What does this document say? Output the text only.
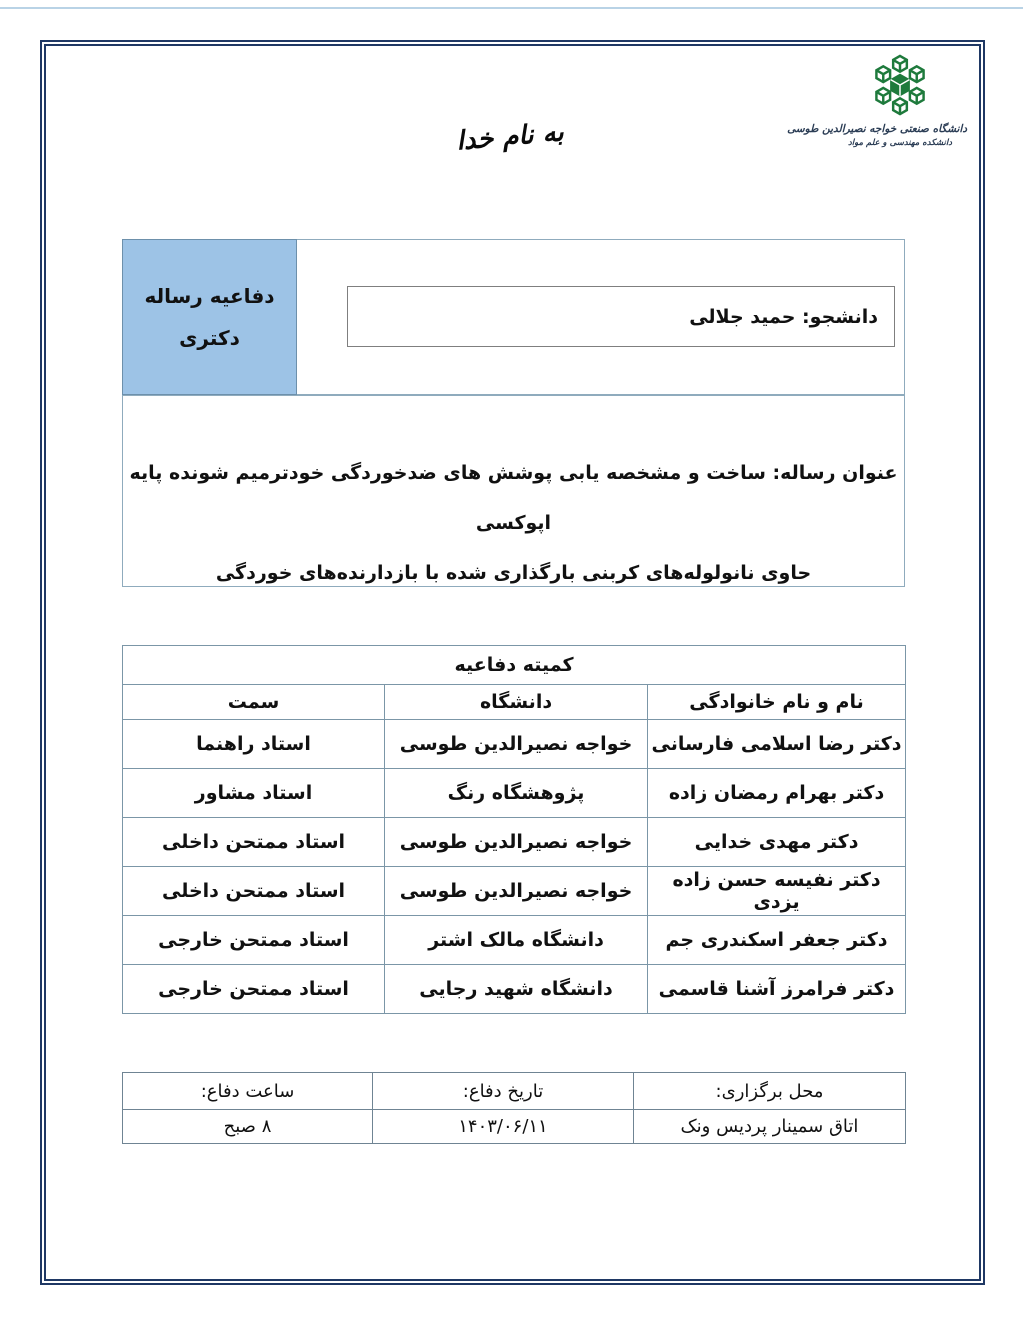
دانشگاه صنعتی خواجه نصیرالدین طوسی
دانشکده مهندسی و علم مواد
به نام خدا
دفاعیه رساله
دکتری
دانشجو: حمید جلالی
عنوان رساله: ساخت و مشخصه یابی پوشش های ضدخوردگی خودترمیم شونده پایه اپوکسی
حاوی نانولوله‌های کربنی بارگذاری شده با بازدارنده‌های خوردگی
کمیته دفاعیه		
نام و نام خانوادگی	دانشگاه	سمت
دکتر رضا اسلامی فارسانی	خواجه نصیرالدین طوسی	استاد راهنما
دکتر بهرام رمضان زاده	پژوهشگاه رنگ	استاد مشاور
دکتر مهدی خدایی	خواجه نصیرالدین طوسی	استاد ممتحن داخلی
دکتر نفیسه حسن زاده یزدی	خواجه نصیرالدین طوسی	استاد ممتحن داخلی
دکتر جعفر اسکندری جم	دانشگاه مالک اشتر	استاد ممتحن خارجی
دکتر فرامرز آشنا قاسمی	دانشگاه شهید رجایی	استاد ممتحن خارجی
محل برگزاری:	تاریخ دفاع:	ساعت دفاع:
اتاق سمینار پردیس ونک	۱۴۰۳/۰۶/۱۱	۸ صبح
